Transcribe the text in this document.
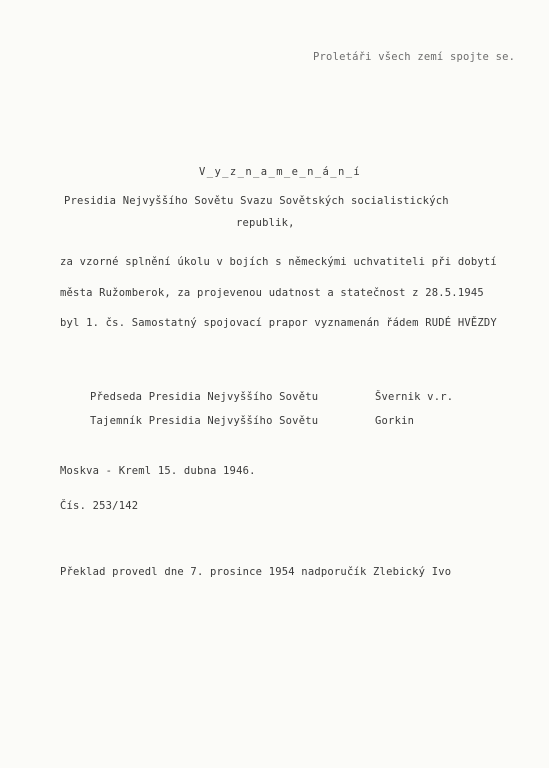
Proletáři všech zemí spojte se.
V_y_z_n_a_m_e_n_á_n_í
Presidia Nejvyššího Sovětu Svazu Sovětských socialistických
republik,
za vzorné splnění úkolu v bojích s německými uchvatiteli při dobytí
města Ružomberok, za projevenou udatnost a statečnost z 28.5.1945
byl 1. čs. Samostatný spojovací prapor vyznamenán řádem RUDÉ HVĚZDY
Předseda Presidia Nejvyššího Sovětu	Švernik v.r.
Tajemník Presidia Nejvyššího Sovětu	Gorkin
Moskva - Kreml 15. dubna 1946.
Čís. 253/142
Překlad provedl dne 7. prosince 1954 nadporučík Zlebický Ivo
